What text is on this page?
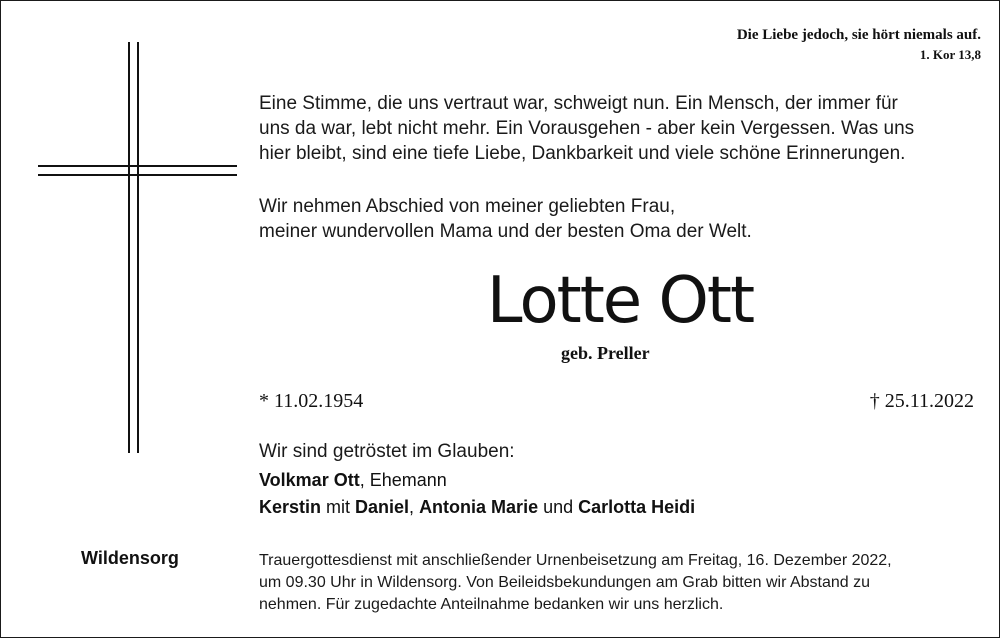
Die Liebe jedoch, sie hört niemals auf.
1. Kor 13,8
Eine Stimme, die uns vertraut war, schweigt nun. Ein Mensch, der immer für
uns da war, lebt nicht mehr. Ein Vorausgehen - aber kein Vergessen. Was uns
hier bleibt, sind eine tiefe Liebe, Dankbarkeit und viele schöne Erinnerungen.
Wir nehmen Abschied von meiner geliebten Frau,
meiner wundervollen Mama und der besten Oma der Welt.
Lotte Ott
geb. Preller
* 11.02.1954	† 25.11.2022
Wir sind getröstet im Glauben:
Volkmar Ott, Ehemann
Kerstin mit Daniel, Antonia Marie und Carlotta Heidi
Wildensorg	Trauergottesdienst mit anschließender Urnenbeisetzung am Freitag, 16. Dezember 2022,
um 09.30 Uhr in Wildensorg. Von Beileidsbekundungen am Grab bitten wir Abstand zu
nehmen. Für zugedachte Anteilnahme bedanken wir uns herzlich.
